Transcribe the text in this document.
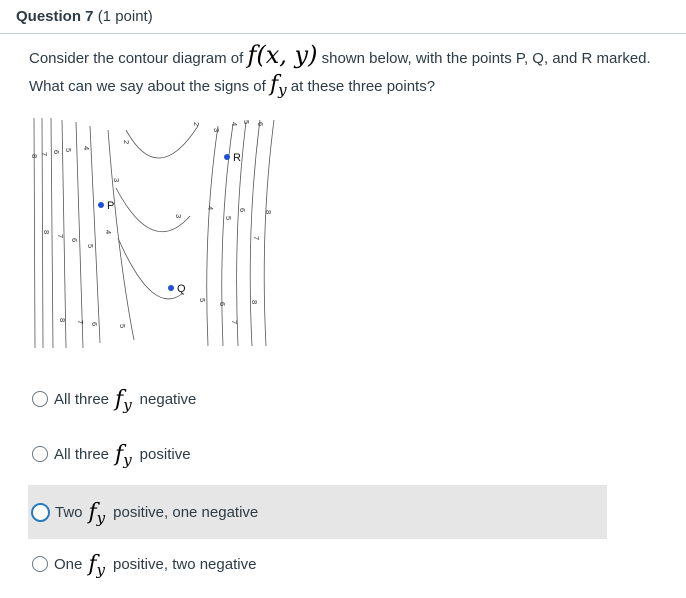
Question 7 (1 point)
Consider the contour diagram of f(x, y) shown below, with the points P, Q, and R marked. What can we say about the signs of fy at these three points?
8 7 6 5 4
2
3
2
3
4 5 6
8
7
6
5
4
3
4
5
6
7
8
8 7 6	5
5
6
7
8
P
Q
R
All three fy negative
All three fy positive
Two fy positive, one negative
One fy positive, two negative
